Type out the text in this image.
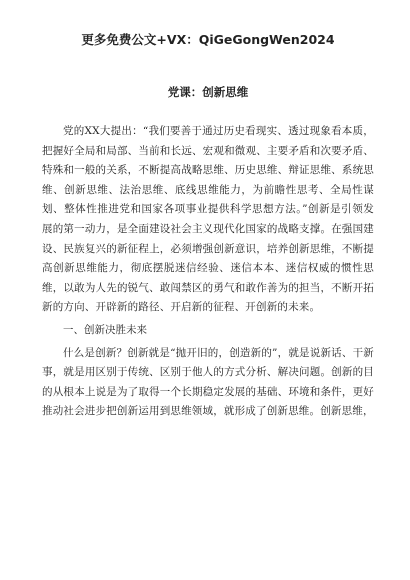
更多免费公文+VX：QiGeGongWen2024
党课：创新思维

党的XX大提出：“我们要善于通过历史看现实、透过现象看本质，把握好全局和局部、当前和长远、宏观和微观、主要矛盾和次要矛盾、特殊和一般的关系，不断提高战略思维、历史思维、辩证思维、系统思维、创新思维、法治思维、底线思维能力，为前瞻性思考、全局性谋划、整体性推进党和国家各项事业提供科学思想方法。”创新是引领发展的第一动力，是全面建设社会主义现代化国家的战略支撑。在强国建设、民族复兴的新征程上，必须增强创新意识，培养创新思维，不断提高创新思维能力，彻底摆脱迷信经验、迷信本本、迷信权威的惯性思维，以敢为人先的锐气、敢闯禁区的勇气和敢作善为的担当，不断开拓新的方向、开辟新的路径、开启新的征程、开创新的未来。

一、创新决胜未来

什么是创新？创新就是“抛开旧的，创造新的”，就是说新话、干新事，就是用区别于传统、区别于他人的方式分析、解决问题。创新的目的从根本上说是为了取得一个长期稳定发展的基础、环境和条件，更好推动社会进步把创新运用到思维领域，就形成了创新思维。创新思维，
